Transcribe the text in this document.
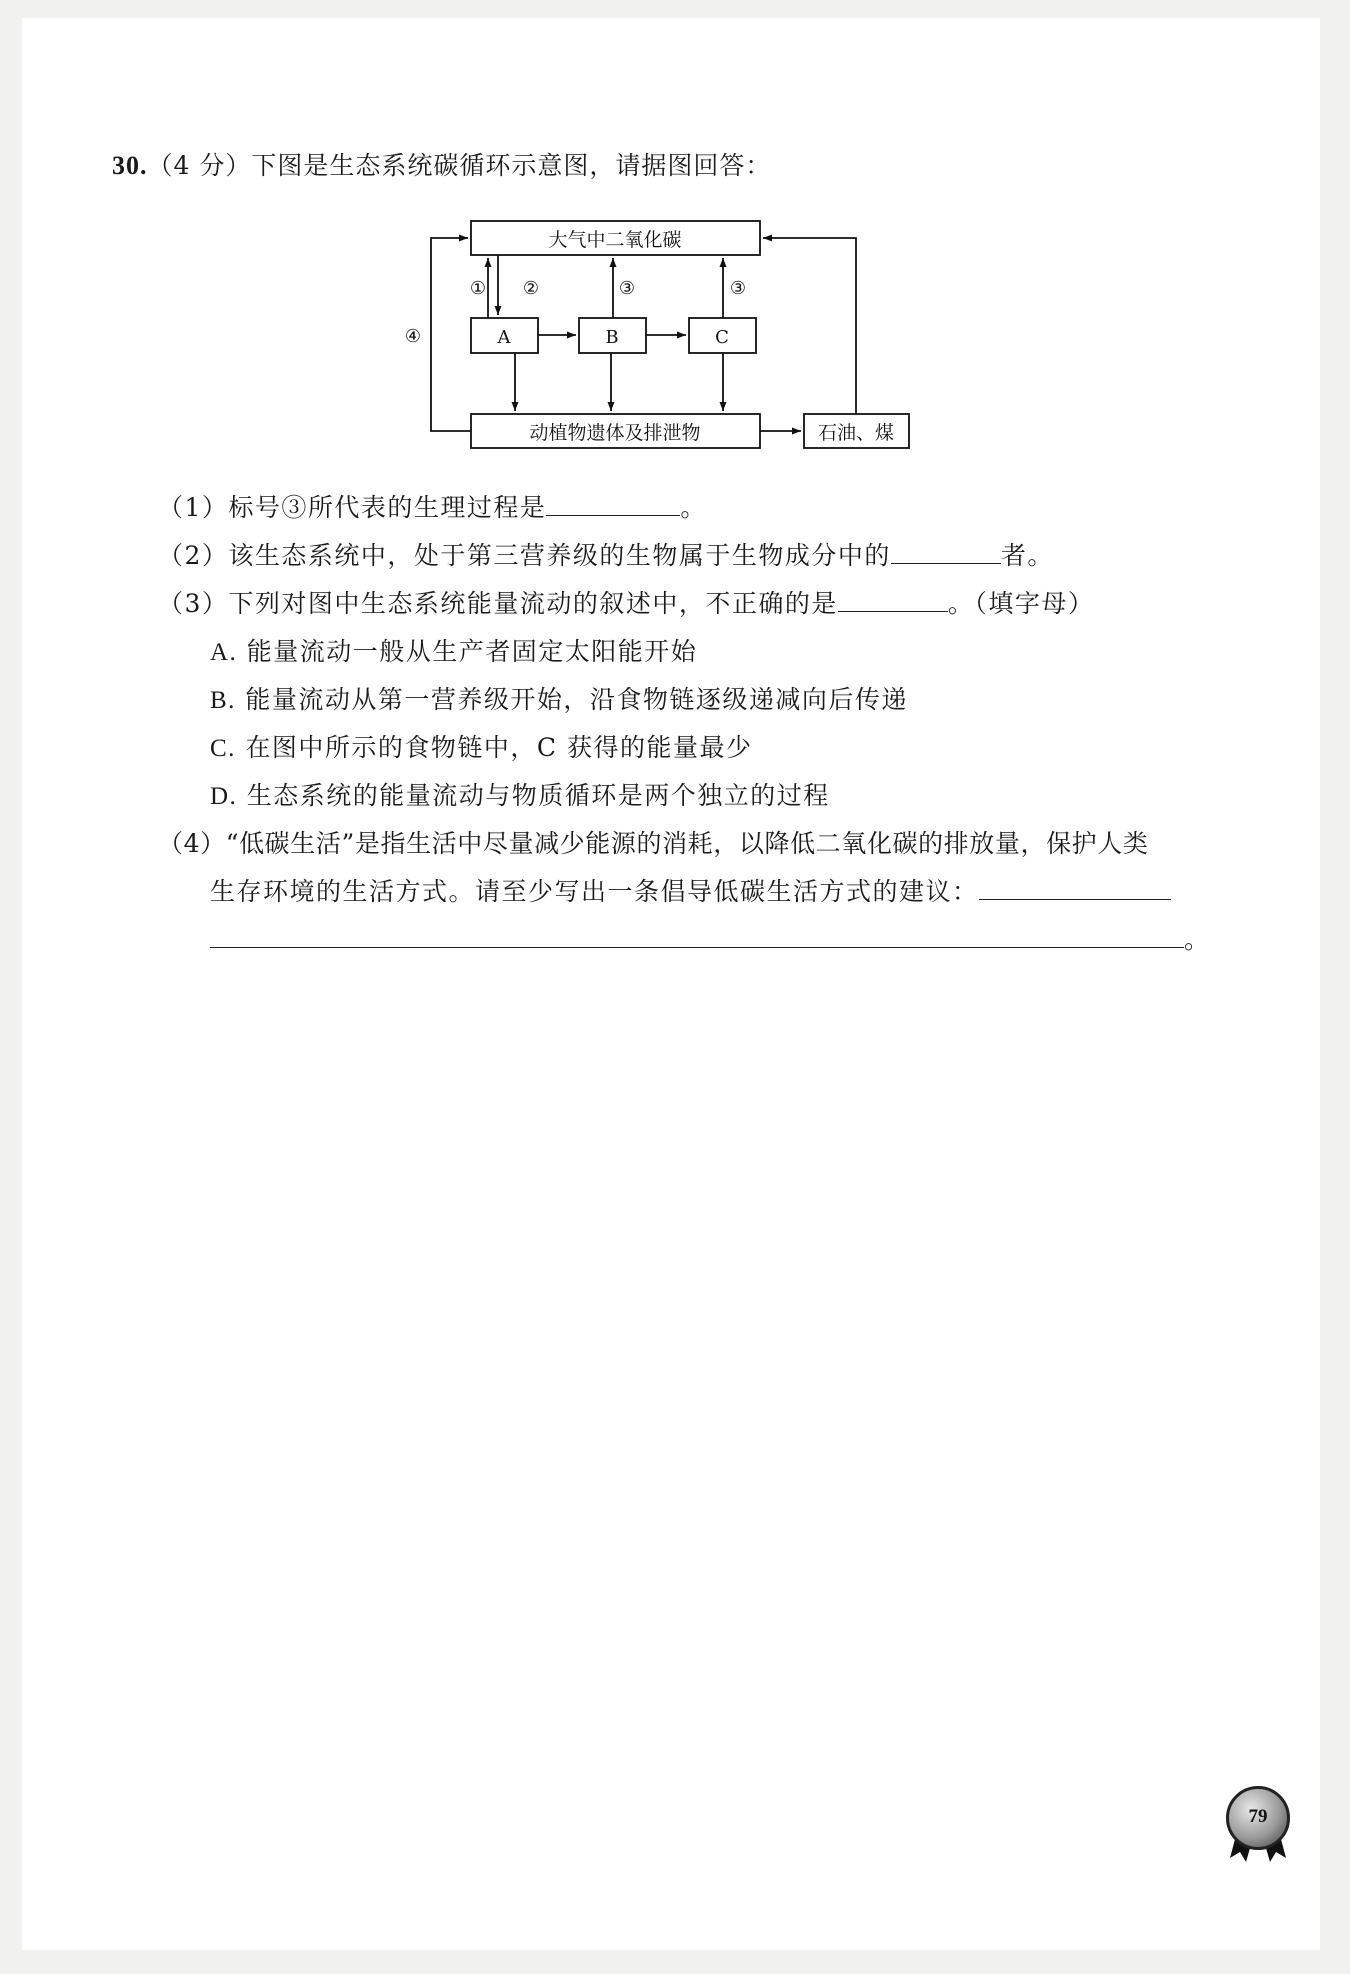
30.（4 分）下图是生态系统碳循环示意图，请据图回答：
大气中二氧化碳
A	B	C
动植物遗体及排泄物	石油、煤
① ②	③	③
④
（1）标号③所代表的生理过程是	。
（2）该生态系统中，处于第三营养级的生物属于生物成分中的	者。
（3）下列对图中生态系统能量流动的叙述中，不正确的是	。（填字母）
A. 能量流动一般从生产者固定太阳能开始
B. 能量流动从第一营养级开始，沿食物链逐级递减向后传递
C. 在图中所示的食物链中，C 获得的能量最少
D. 生态系统的能量流动与物质循环是两个独立的过程
（4）“低碳生活”是指生活中尽量减少能源的消耗，以降低二氧化碳的排放量，保护人类
生存环境的生活方式。请至少写出一条倡导低碳生活方式的建议：
。
79
